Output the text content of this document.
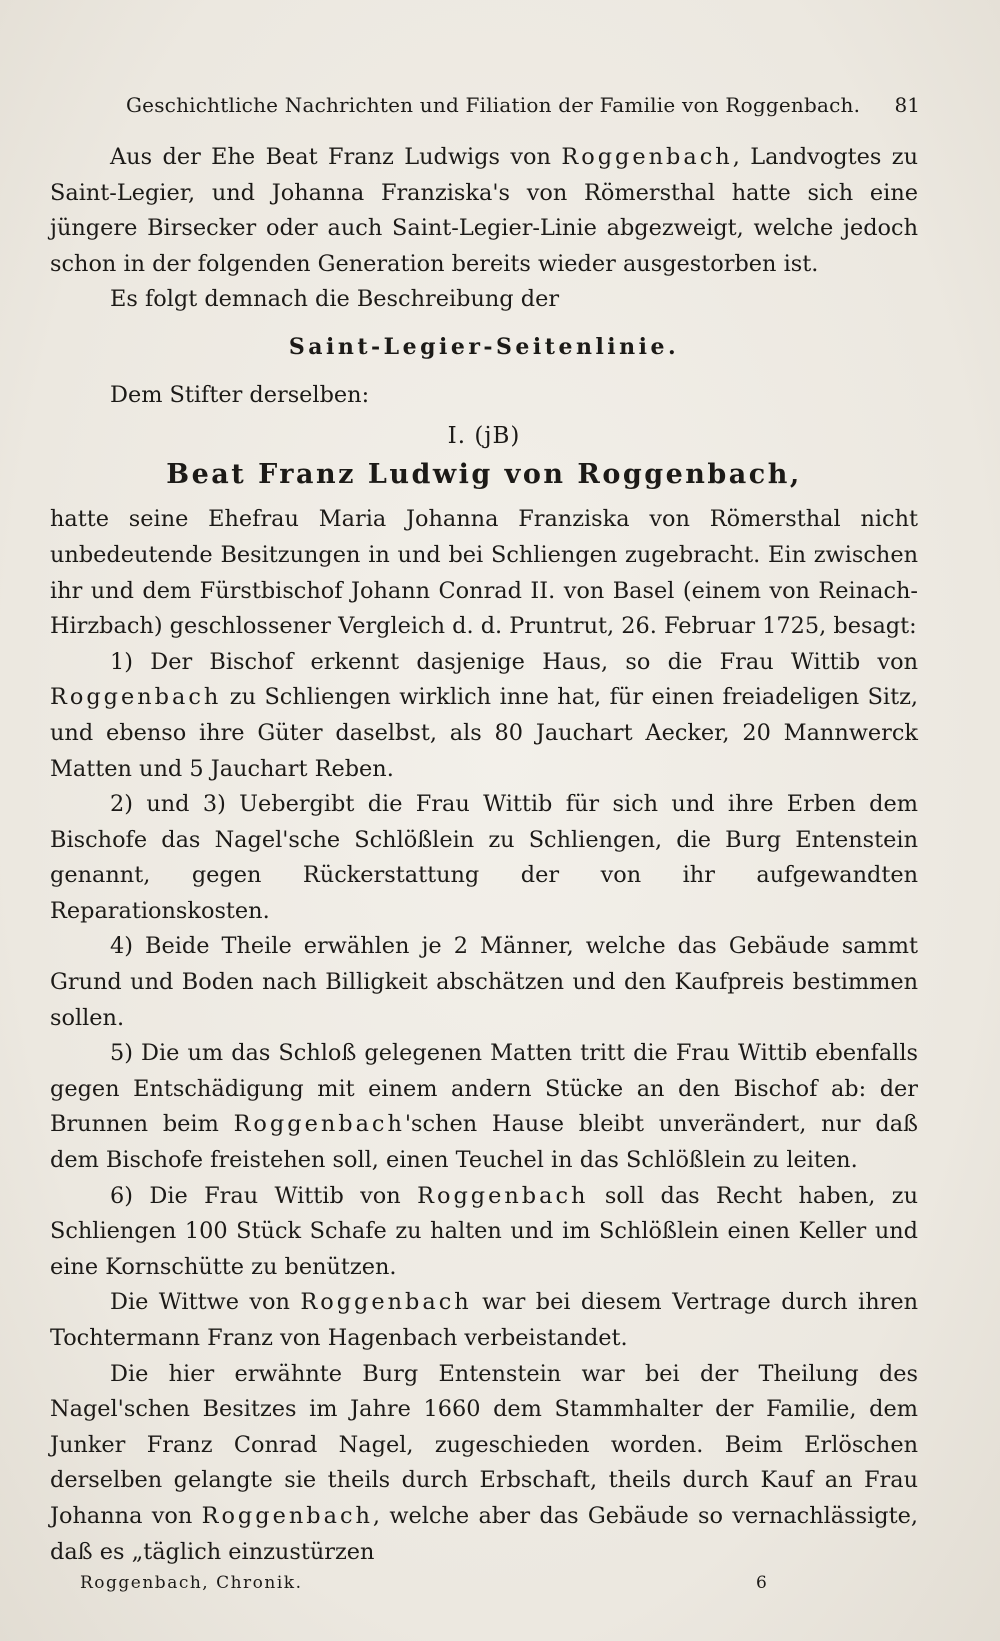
Geschichtliche Nachrichten und Filiation der Familie von Roggenbach. 81

Aus der Ehe Beat Franz Ludwigs von Roggenbach, Landvogtes zu Saint-Legier, und Johanna Franziska's von Römersthal hatte sich eine jüngere Birsecker oder auch Saint-Legier-Linie abgezweigt, welche jedoch schon in der folgenden Generation bereits wieder ausgestorben ist.

Es folgt demnach die Beschreibung der

Saint-Legier-Seitenlinie.

Dem Stifter derselben:

I. (jB)

Beat Franz Ludwig von Roggenbach,

hatte seine Ehefrau Maria Johanna Franziska von Römersthal nicht unbedeutende Besitzungen in und bei Schliengen zugebracht. Ein zwischen ihr und dem Fürstbischof Johann Conrad II. von Basel (einem von Reinach-Hirzbach) geschlossener Vergleich d. d. Pruntrut, 26. Februar 1725, besagt:

1) Der Bischof erkennt dasjenige Haus, so die Frau Wittib von Roggenbach zu Schliengen wirklich inne hat, für einen freiadeligen Sitz, und ebenso ihre Güter daselbst, als 80 Jauchart Aecker, 20 Mannwerck Matten und 5 Jauchart Reben.

2) und 3) Uebergibt die Frau Wittib für sich und ihre Erben dem Bischofe das Nagel'sche Schlößlein zu Schliengen, die Burg Entenstein genannt, gegen Rückerstattung der von ihr aufgewandten Reparationskosten.

4) Beide Theile erwählen je 2 Männer, welche das Gebäude sammt Grund und Boden nach Billigkeit abschätzen und den Kaufpreis bestimmen sollen.

5) Die um das Schloß gelegenen Matten tritt die Frau Wittib ebenfalls gegen Entschädigung mit einem andern Stücke an den Bischof ab: der Brunnen beim Roggenbach'schen Hause bleibt unverändert, nur daß dem Bischofe freistehen soll, einen Teuchel in das Schlößlein zu leiten.

6) Die Frau Wittib von Roggenbach soll das Recht haben, zu Schliengen 100 Stück Schafe zu halten und im Schlößlein einen Keller und eine Kornschütte zu benützen.

Die Wittwe von Roggenbach war bei diesem Vertrage durch ihren Tochtermann Franz von Hagenbach verbeistandet.

Die hier erwähnte Burg Entenstein war bei der Theilung des Nagel'schen Besitzes im Jahre 1660 dem Stammhalter der Familie, dem Junker Franz Conrad Nagel, zugeschieden worden. Beim Erlöschen derselben gelangte sie theils durch Erbschaft, theils durch Kauf an Frau Johanna von Roggenbach, welche aber das Gebäude so vernachlässigte, daß es „täglich einzustürzen

Roggenbach, Chronik.	6
